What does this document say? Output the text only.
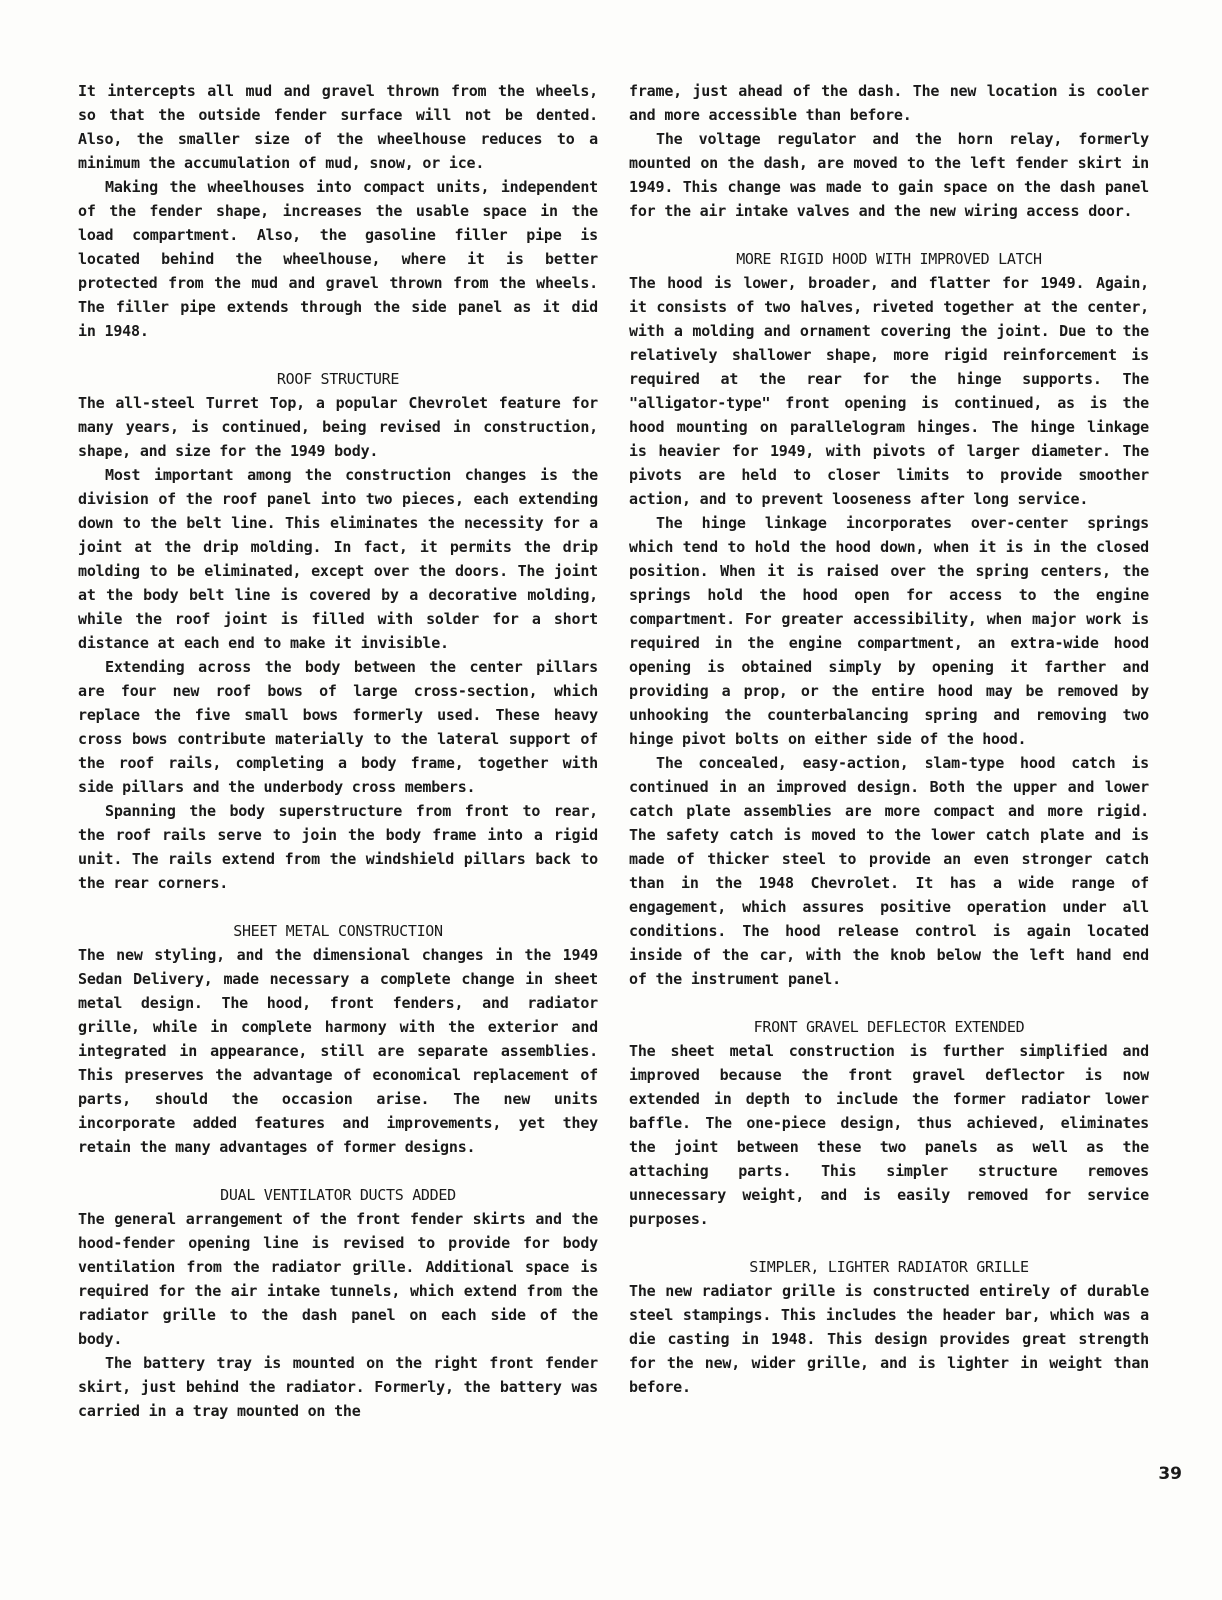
It intercepts all mud and gravel thrown from the wheels, so that the outside fender surface will not be dented. Also, the smaller size of the wheelhouse reduces to a minimum the accumulation of mud, snow, or ice.

Making the wheelhouses into compact units, independent of the fender shape, increases the usable space in the load compartment. Also, the gasoline filler pipe is located behind the wheelhouse, where it is better protected from the mud and gravel thrown from the wheels. The filler pipe extends through the side panel as it did in 1948.

ROOF STRUCTURE

The all-steel Turret Top, a popular Chevrolet feature for many years, is continued, being revised in construction, shape, and size for the 1949 body.

Most important among the construction changes is the division of the roof panel into two pieces, each extending down to the belt line. This eliminates the necessity for a joint at the drip molding. In fact, it permits the drip molding to be eliminated, except over the doors. The joint at the body belt line is covered by a decorative molding, while the roof joint is filled with solder for a short distance at each end to make it invisible.

Extending across the body between the center pillars are four new roof bows of large cross-section, which replace the five small bows formerly used. These heavy cross bows contribute materially to the lateral support of the roof rails, completing a body frame, together with side pillars and the underbody cross members.

Spanning the body superstructure from front to rear, the roof rails serve to join the body frame into a rigid unit. The rails extend from the windshield pillars back to the rear corners.

SHEET METAL CONSTRUCTION

The new styling, and the dimensional changes in the 1949 Sedan Delivery, made necessary a complete change in sheet metal design. The hood, front fenders, and radiator grille, while in complete harmony with the exterior and integrated in appearance, still are separate assemblies. This preserves the advantage of economical replacement of parts, should the occasion arise. The new units incorporate added features and improvements, yet they retain the many advantages of former designs.

DUAL VENTILATOR DUCTS ADDED

The general arrangement of the front fender skirts and the hood-fender opening line is revised to provide for body ventilation from the radiator grille. Additional space is required for the air intake tunnels, which extend from the radiator grille to the dash panel on each side of the body.

The battery tray is mounted on the right front fender skirt, just behind the radiator. Formerly, the battery was carried in a tray mounted on the

frame, just ahead of the dash. The new location is cooler and more accessible than before.

The voltage regulator and the horn relay, formerly mounted on the dash, are moved to the left fender skirt in 1949. This change was made to gain space on the dash panel for the air intake valves and the new wiring access door.

MORE RIGID HOOD WITH IMPROVED LATCH

The hood is lower, broader, and flatter for 1949. Again, it consists of two halves, riveted together at the center, with a molding and ornament covering the joint. Due to the relatively shallower shape, more rigid reinforcement is required at the rear for the hinge supports. The "alligator-type" front opening is continued, as is the hood mounting on parallelogram hinges. The hinge linkage is heavier for 1949, with pivots of larger diameter. The pivots are held to closer limits to provide smoother action, and to prevent looseness after long service.

The hinge linkage incorporates over-center springs which tend to hold the hood down, when it is in the closed position. When it is raised over the spring centers, the springs hold the hood open for access to the engine compartment. For greater accessibility, when major work is required in the engine compartment, an extra-wide hood opening is obtained simply by opening it farther and providing a prop, or the entire hood may be removed by unhooking the counterbalancing spring and removing two hinge pivot bolts on either side of the hood.

The concealed, easy-action, slam-type hood catch is continued in an improved design. Both the upper and lower catch plate assemblies are more compact and more rigid. The safety catch is moved to the lower catch plate and is made of thicker steel to provide an even stronger catch than in the 1948 Chevrolet. It has a wide range of engagement, which assures positive operation under all conditions. The hood release control is again located inside of the car, with the knob below the left hand end of the instrument panel.

FRONT GRAVEL DEFLECTOR EXTENDED

The sheet metal construction is further simplified and improved because the front gravel deflector is now extended in depth to include the former radiator lower baffle. The one-piece design, thus achieved, eliminates the joint between these two panels as well as the attaching parts. This simpler structure removes unnecessary weight, and is easily removed for service purposes.

SIMPLER, LIGHTER RADIATOR GRILLE

The new radiator grille is constructed entirely of durable steel stampings. This includes the header bar, which was a die casting in 1948. This design provides great strength for the new, wider grille, and is lighter in weight than before.

39
